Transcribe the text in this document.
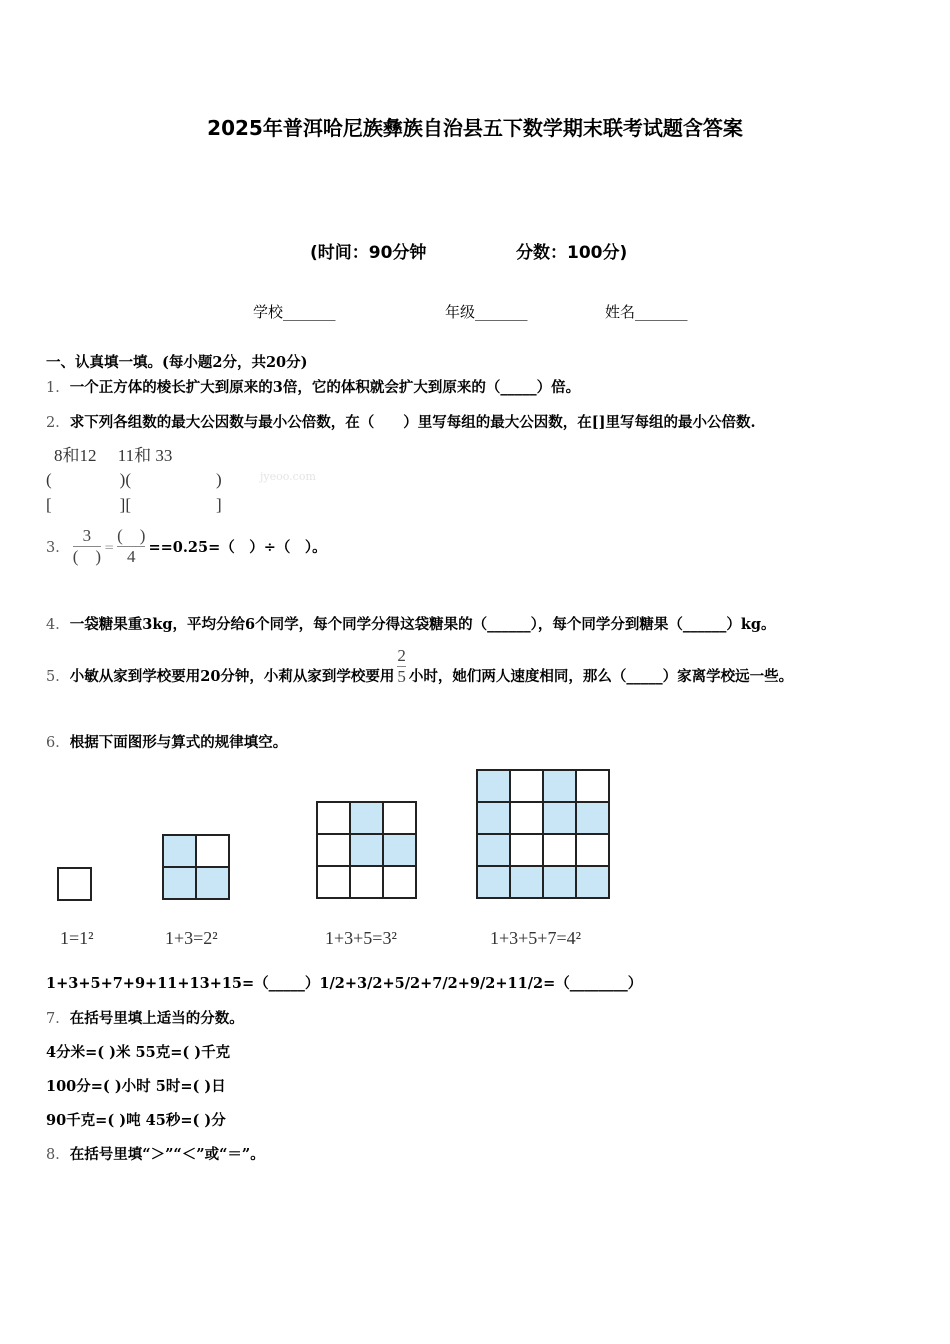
2025年普洱哈尼族彝族自治县五下数学期末联考试题含答案
(时间：90分钟	分数：100分)
学校_______	年级_______	姓名_______
一、认真填一填。(每小题2分，共20分)
1．一个正方体的棱长扩大到原来的3倍，它的体积就会扩大到原来的（_____）倍。
2．求下列各组数的最大公因数与最小公倍数，在（　　）里写每组的最大公因数，在[]里写每组的最小公倍数.
8和12　 11和 33
(　　　　)(　　　　　)	jyeoo.com
[　　　　][　　　　　]
3． $\frac{3}{( )} = \frac{( )}{4} ==0.25=$（　）÷（　）。
4．一袋糖果重3kg，平均分给6个同学，每个同学分得这袋糖果的（______），每个同学分到糖果（______）kg。
5． 小敏从家到学校要用20分钟，小莉从家到学校要用 $\frac{2}{5}$ 小时，她们两人速度相同，那么（_____）家离学校远一些。
6．根据下面图形与算式的规律填空。
1=1²	1+3=2²	1+3+5=3²	1+3+5+7=4²
1+3+5+7+9+11+13+15=（_____）1/2+3/2+5/2+7/2+9/2+11/2=（________）
7．在括号里填上适当的分数。
4分米=( )米 55克=( )千克
100分=( )小时 5时=( )日
90千克=( )吨 45秒=( )分
8．在括号里填“＞”“＜”或“＝”。
